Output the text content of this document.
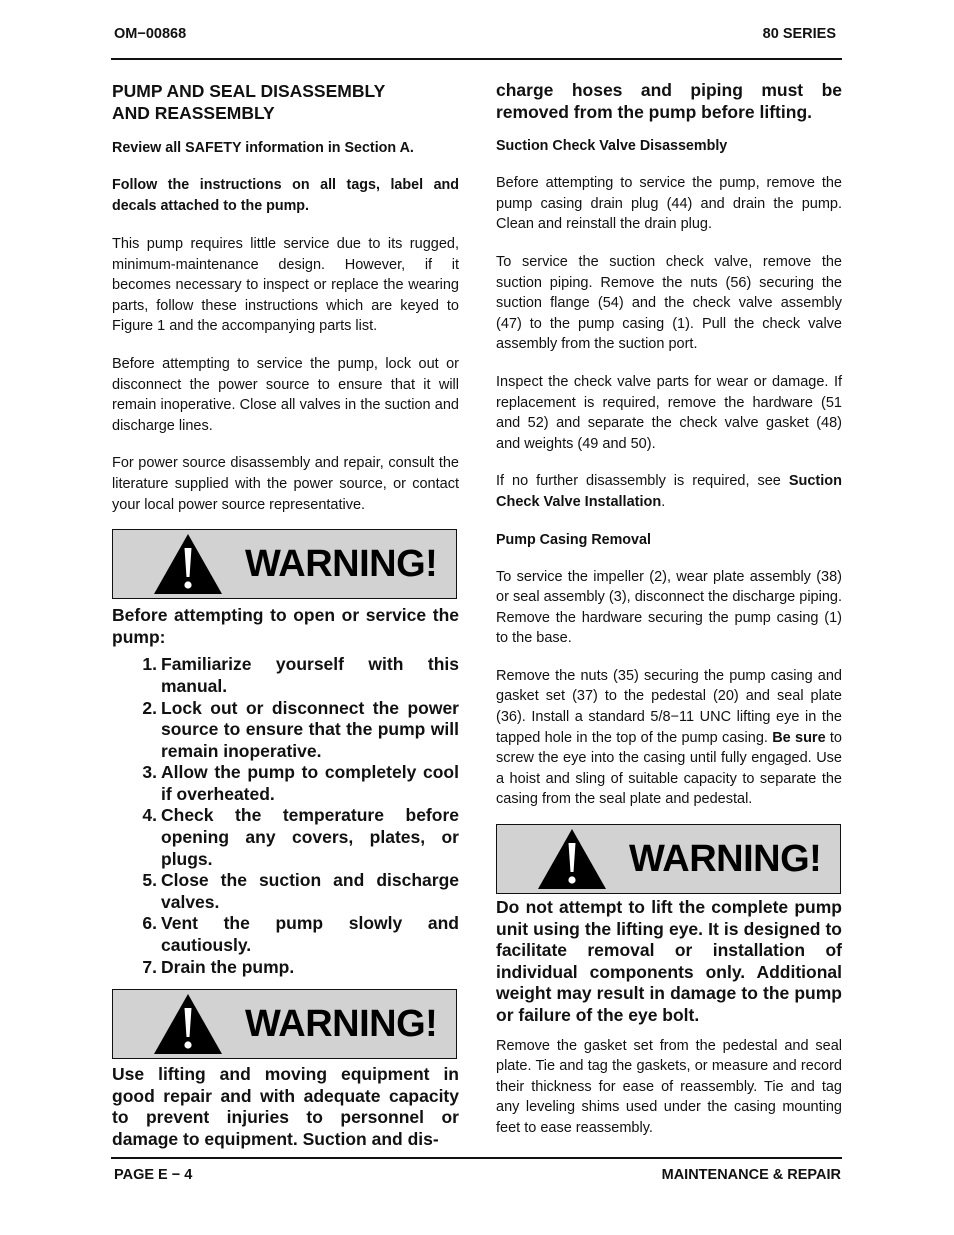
OM−00868	80 SERIES

PUMP AND SEAL DISASSEMBLY AND REASSEMBLY

Review all SAFETY information in Section A.

Follow the instructions on all tags, label and decals attached to the pump.

This pump requires little service due to its rugged, minimum-maintenance design. However, if it becomes necessary to inspect or replace the wearing parts, follow these instructions which are keyed to Figure 1 and the accompanying parts list.

Before attempting to service the pump, lock out or disconnect the power source to ensure that it will remain inoperative. Close all valves in the suction and discharge lines.

For power source disassembly and repair, consult the literature supplied with the power source, or contact your local power source representative.

WARNING!

Before attempting to open or service the pump:

1. Familiarize yourself with this manual.
2. Lock out or disconnect the power source to ensure that the pump will remain inoperative.
3. Allow the pump to completely cool if overheated.
4. Check the temperature before opening any covers, plates, or plugs.
5. Close the suction and discharge valves.
6. Vent the pump slowly and cautiously.
7. Drain the pump.
WARNING!

Use lifting and moving equipment in good repair and with adequate capacity to prevent injuries to personnel or damage to equipment. Suction and dis-

charge hoses and piping must be removed from the pump before lifting.

Suction Check Valve Disassembly

Before attempting to service the pump, remove the pump casing drain plug (44) and drain the pump. Clean and reinstall the drain plug.

To service the suction check valve, remove the suction piping. Remove the nuts (56) securing the suction flange (54) and the check valve assembly (47) to the pump casing (1). Pull the check valve assembly from the suction port.

Inspect the check valve parts for wear or damage. If replacement is required, remove the hardware (51 and 52) and separate the check valve gasket (48) and weights (49 and 50).

If no further disassembly is required, see Suction Check Valve Installation.

Pump Casing Removal

To service the impeller (2), wear plate assembly (38) or seal assembly (3), disconnect the discharge piping. Remove the hardware securing the pump casing (1) to the base.

Remove the nuts (35) securing the pump casing and gasket set (37) to the pedestal (20) and seal plate (36). Install a standard 5/8−11 UNC lifting eye in the tapped hole in the top of the pump casing. Be sure to screw the eye into the casing until fully engaged. Use a hoist and sling of suitable capacity to separate the casing from the seal plate and pedestal.

WARNING!

Do not attempt to lift the complete pump unit using the lifting eye. It is designed to facilitate removal or installation of individual components only. Additional weight may result in damage to the pump or failure of the eye bolt.

Remove the gasket set from the pedestal and seal plate. Tie and tag the gaskets, or measure and record their thickness for ease of reassembly. Tie and tag any leveling shims used under the casing mounting feet to ease reassembly.

PAGE E − 4	MAINTENANCE & REPAIR
